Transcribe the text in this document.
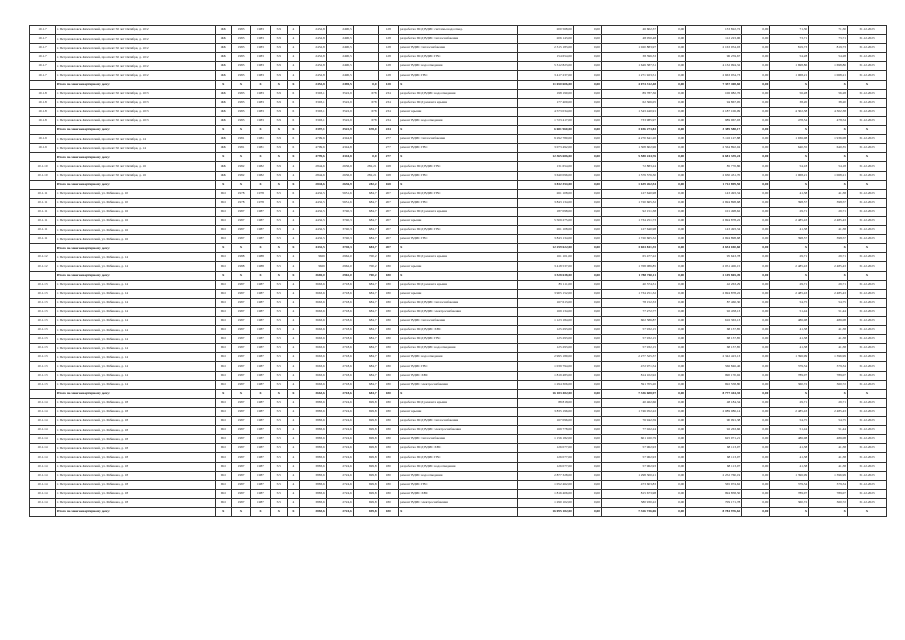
10.1.7	г. Петропавловск-Камчатский, проспект 50 лет Октября, д. 10/2	ЖБ	1983	1983	5/9	4	2452,8	2490,5		128	разработка ПСД ВДИС системы водоотвед.	200 568,00	0,00	46 602,37	0,00	133 822,72	0,00	71,30	71,30	31.12.2023
10.1.7	г. Петропавловск-Камчатский, проспект 50 лет Октября, д. 10/2	ЖБ	1983	1983	5/9	4	2452,8	2490,5		128	разработка ПСД ВДИС теплоснабжения	206 143,00	0,00	48 050,48	0,00	112 223,96	0,00	73,71	73,71	31.12.2023
10.1.7	г. Петропавловск-Камчатский, проспект 50 лет Октября, д. 10/2	ЖБ	1983	1983	5/9	4	2452,8	2490,5		128	ремонт ВДИС теплоснабжения	2 315 183,00	0,00	1 020 883,97	0,00	2 163 054,03	0,00	819,73	819,73	31.12.2023
10.1.7	г. Петропавловск-Камчатский, проспект 50 лет Октября, д. 10/2	ЖБ	1983	1983	5/9	4	2452,8	2490,5		128	разработка ПСД ВДИС ГВС	154 654,00	0,00	38 396,33	0,00	96 259,67	0,00	54,28	54,28	31.12.2023
10.1.7	г. Петропавловск-Камчатский, проспект 50 лет Октября, д. 10/2	ЖБ	1983	1983	5/9	4	2452,8	2490,5		128	ремонт ВДИС водоотведения	5 312 823,00	0,00	1 649 387,51	0,00	4 132 994,32	0,00	1 698,86	1 698,86	31.12.2023
10.1.7	г. Петропавловск-Камчатский, проспект 50 лет Октября, д. 10/2	ЖБ	1983	1983	5/9	4	2452,8	2490,5		128	ремонт ВДИС ГВС	3 417 237,00	0,00	1 271 923,51	0,00	2 663 054,73	0,00	1 068,21	1 068,21	31.12.2023
	Итого по многоквартирному дому:	Х	Х	Х	Х	Х	2452,8	2490,5	0,0	128	Х	11 650 606,00	0,00	4 074 312,48	0,00	7 357 408,60	0,00	Х	Х	Х
10.1.8	г. Петропавловск-Камчатский, проспект 50 лет Октября, д. 10/3	ЖБ	1983	1983	5/9	6	3393,1	3522,9	678	234	разработка ПСД ВДИС водоотведения	198 190,00	0,00	89 787,36	0,00	106 982,76	0,00	56,28	56,28	31.12.2023
10.1.8	г. Петропавловск-Камчатский, проспект 50 лет Октября, д. 10/3	ЖБ	1983	1983	5/9	6	3393,1	3522,9	678	234	разработка ПСД ремонта крыши	177 409,00	0,00	62 366,05	0,00	94 867,95	0,00	38,20	38,20	31.12.2023
10.1.8	г. Петропавловск-Камчатский, проспект 50 лет Октября, д. 10/3	ЖБ	1983	1983	5/9	6	3393,1	3522,9	678	234	ремонт крыши	4 573 034,00	0,00	1 543 440,91	0,00	2 187 106,09	0,00	4 302,38	4 302,38	31.12.2023
10.1.8	г. Петропавловск-Камчатский, проспект 50 лет Октября, д. 10/3	ЖБ	1983	1983	5/9	6	3393,1	3522,9	678	234	ремонт ВДИС водоотведения	1 723 417,00	0,00	733 985,97	0,00	989 967,93	0,00	478,54	478,54	31.12.2023
	Итого по многоквартирному дому:	Х	Х	Х	Х	Х	3397,1	3522,9	678,0	234	Х	6 681 960,00	0,00	3 036 273,83	0,00	3 389 588,17	0,00	Х	Х	Х
10.1.9	г. Петропавловск-Камчатский, проспект 50 лет Октября, д. 14	ЖБ	1981	1981	5/9	6	4799,6	4344,8		277	ремонт ВДИС теплоснабжения	9 292 780,00	0,00	4 270 641,20	0,00	5 116 127,88	0,00	1 936,08	1 936,08	31.12.2023
10.1.9	г. Петропавловск-Камчатский, проспект 50 лет Октября, д. 14	ЖБ	1981	1981	5/9	6	4799,6	4344,8		277	ремонт ВДИС ГВС	3 073 492,00	0,00	1 308 602,96	0,00	2 564 892,04	0,00	640,35	640,35	31.12.2023
	Итого по многоквартирному дому:	Х	Х	Х	Х	Х	4799,6	4344,8	0,0	277	Х	12 365 686,00	0,00	5 588 244,76	0,00	6 681 339,24	0,00	Х	Х	Х
10.1.10	г. Петропавловск-Камчатский, проспект 50 лет Октября, д. 16	ЖБ	1982	1982	5/9	4	2844,6	2636,9	282,21	168	разработка ПСД ВДИС ГВС	131 654,00	0,00	72 883,24	0,00	85 770,86	0,00	54,18	54,18	31.12.2023
10.1.10	г. Петропавловск-Камчатский, проспект 50 лет Октября, д. 16	ЖБ	1982	1982	5/9	4	2844,6	2636,9	282,21	168	ремонт ВДИС ГВС	3 640 096,00	0,00	1 579 576,30	0,00	2 630 431,70	0,00	1 068,21	1 068,21	31.12.2023
	Итого по многоквартирному дому:	Х	Х	Х	Х	Х	2844,6	2636,9	282,2	168	Х	3 832 354,00	0,00	1 639 262,54	0,00	1 712 899,50	0,00	Х	Х	Х
10.1.11	г. Петропавловск-Камчатский, ул. Рябикова, д. 10	ПО	1978	1978	5/5	6	4432,5	5651,6	684,7	207	разработка ПСД ВДИС ГВС	261 108,00	0,00	127 640,98	0,00	143 493,34	0,00	41,38	41,38	31.12.2023
10.1.11	г. Петропавловск-Камчатский, ул. Рябикова, д. 10	ПО	1978	1978	5/5	6	4432,5	5651,6	684,7	207	ремонт ВДИС ГВС	3 843 134,00	0,00	1 720 665,32	0,00	2 694 898,68	0,00	398,57	398,57	31.12.2023
10.1.11	г. Петропавловск-Камчатский, ул. Рябикова, д. 16	ПО	1987	1987	5/5	4	4432,5	3740,3	684,7	207	разработка ПСД ремонта крыши	187 098,00	0,00	92 151,38	0,00	101 498,62	0,00	29,71	29,71	31.12.2023
10.1.11	г. Петропавловск-Камчатский, ул. Рябикова, д. 16	ПО	1987	1987	5/5	4	4432,5	3740,3	684,7	207	ремонт крыши	5 509 275,00	0,00	1 734 251,73	0,00	2 694 878,22	0,00	2 485,43	2 485,43	31.12.2023
10.1.11	г. Петропавловск-Камчатский, ул. Рябикова, д. 16	ПО	1987	1987	5/5	4	4432,5	3740,3	684,7	207	разработка ПСД ВДИС ГВС	261 108,00	0,00	127 640,98	0,00	143 493,34	0,00	41,38	41,38	31.12.2023
10.1.11	г. Петропавловск-Камчатский, ул. Рябикова, д. 16	ПО	1987	1987	5/5	4	4432,5	3740,3	684,7	207	ремонт ВДИС ГВС	3 843 134,00	0,00	1 720 665,32	0,00	2 694 898,68	0,00	398,57	398,57	31.12.2023
	Итого по многоквартирному дому:	Х	Х	Х	Х	Х	4432,5	3740,3	684,7	207	Х	12 259 622,00	0,00	3 604 841,35	0,00	4 654 040,60	0,00	Х	Х	Х
10.1.12	г. Петропавловск-Камчатский, ул. Рябикова, д. 14	ПО	1988	1988	5/5	4	3669	2962,0	700,2	180	разработка ПСД ремонта крыши	161 101,00	0,00	65 477,22	0,00	95 643,78	0,00	29,71	29,71	31.12.2023
10.1.12	г. Петропавловск-Камчатский, ул. Рябикова, д. 14	ПО	1988	1988	5/5	4	3669	2962,0	700,2	180	ремонт крыши	3 418 537,00	0,00	1 768 086,85	0,00	2 051 406,15	0,00	2 485,43	2 485,43	31.12.2023
	Итого по многоквартирному дому:	Х	Х	Х	Х	Х	3669,0	2962,0	700,2	180	Х	3 528 638,00	0,00	1 788 760,11	0,00	2 149 865,49	0,00	Х	Х	Х
10.1.13	г. Петропавловск-Камчатский, ул. Рябикова, д. 14	ПО	1987	1987	5/5	4	3663,6	2718,6	684,7	180	разработка ПСД ремонта крыши	85 111,00	0,00	40 374,31	0,00	42 263,29	0,00	29,71	29,71	31.12.2023
10.1.13	г. Петропавловск-Камчатский, ул. Рябикова, д. 14	ПО	1987	1987	5/5	4	3663,6	2718,6	684,7	180	ремонт крыши	3 905 152,00	0,00	1 734 251,32	0,00	2 694 878,22	0,00	2 485,43	2 485,43	31.12.2023
10.1.13	г. Петропавловск-Камчатский, ул. Рябикова, д. 14	ПО	1987	1987	5/5	4	3663,6	2718,6	684,7	180	разработка ПСД ВДИС теплоснабжения	167 613,00	0,00	78 152,33	0,00	87 460,30	0,00	54,75	54,75	31.12.2023
10.1.13	г. Петропавловск-Камчатский, ул. Рябикова, д. 14	ПО	1987	1987	5/5	4	3663,6	2718,6	684,7	180	разработка ПСД ВДИС электроснабжения	169 134,00	0,00	77 272,77	0,00	92 458,13	0,00	51,44	51,44	31.12.2023
10.1.13	г. Петропавловск-Камчатский, ул. Рябикова, д. 14	ПО	1987	1987	5/5	4	3663,6	2718,6	684,7	180	ремонт ВДИС теплоснабжения	1 123 184,00	0,00	602 586,87	0,00	616 363,13	0,00	486,08	486,08	31.12.2023
10.1.13	г. Петропавловск-Камчатский, ул. Рябикова, д. 14	ПО	1987	1987	5/5	4	3663,6	2718,6	684,7	180	разработка ПСД ВДИС ХВС	125 293,00	0,00	57 932,15	0,00	68 137,85	0,00	41,38	41,38	31.12.2023
10.1.13	г. Петропавловск-Камчатский, ул. Рябикова, д. 14	ПО	1987	1987	5/5	4	3663,6	2718,6	684,7	180	разработка ПСД ВДИС ГВС	125 293,00	0,00	57 932,15	0,00	68 137,85	0,00	41,38	41,38	31.12.2023
10.1.13	г. Петропавловск-Камчатский, ул. Рябикова, д. 14	ПО	1987	1987	5/5	4	3663,6	2718,6	684,7	180	разработка ПСД ВДИС водоотведения	125 293,00	0,00	57 932,15	0,00	68 137,85	0,00	41,38	41,38	31.12.2023
10.1.13	г. Петропавловск-Камчатский, ул. Рябикова, д. 14	ПО	1987	1987	5/5	4	3663,6	2718,6	684,7	180	ремонт ВДИС водоотведения	2 995 189,00	0,00	2 277 325,37	0,00	2 342 423,13	0,00	1 396,99	1 396,99	31.12.2023
10.1.13	г. Петропавловск-Камчатский, ул. Рябикова, д. 14	ПО	1987	1987	5/5	4	3663,6	2718,6	684,7	180	ремонт ВДИС ГВС	1 039 794,00	0,00	472 971,54	0,00	566 846,46	0,00	379,34	379,34	31.12.2023
10.1.13	г. Петропавловск-Камчатский, ул. Рябикова, д. 14	ПО	1987	1987	5/5	4	3663,6	2718,6	684,7	180	ремонт ВДИС ХВС	1 819 483,00	0,00	814 102,92	0,00	990 170,92	0,00	789,07	789,07	31.12.2023
10.1.13	г. Петропавловск-Камчатский, ул. Рябикова, д. 14	ПО	1987	1987	5/5	4	3663,6	2718,6	684,7	180	ремонт ВДИС электроснабжения	1 294 306,00	0,00	591 705,20	0,00	692 558,80	0,00	360,72	360,72	31.12.2023
	Итого по многоквартирному дому:	Х	Х	Х	Х	Х	3663,6	2718,6	684,7	180	Х	16 183 482,00	0,00	7 336 688,97	0,00	8 777 444,35	0,00	Х	Х	Х
10.1.14	г. Петропавловск-Камчатский, ул. Рябикова, д. 18	ПО	1987	1987	5/5	4	3883,6	2724,6	699,8	180	разработка ПСД ремонта крыши	88 818,00	0,00	40 462,66	0,00	48 184,34	0,00	29,71	29,71	31.12.2023
10.1.14	г. Петропавловск-Камчатский, ул. Рябикова, д. 18	ПО	1987	1987	5/5	4	3883,6	2724,6	699,8	180	ремонт крыши	3 835 196,00	0,00	1 746 052,22	0,00	2 089 086,14	0,00	2 485,43	2 485,43	31.12.2023
10.1.14	г. Петропавловск-Камчатский, ул. Рябикова, д. 18	ПО	1987	1987	5/5	4	3883,6	2724,6	699,8	180	разработка ПСД ВДИС теплоснабжения	167 096,00	0,00	76 942,59	0,00	90 091,38	0,00	54,75	54,75	31.12.2023
10.1.14	г. Петропавловск-Камчатский, ул. Рябикова, д. 18	ПО	1987	1987	5/5	4	3883,6	2724,6	699,8	180	разработка ПСД ВДИС электроснабжения	169 778,00	0,00	77 022,24	0,00	92 263,66	0,00	51,44	51,44	31.12.2023
10.1.14	г. Петропавловск-Камчатский, ул. Рябикова, д. 18	ПО	1987	1987	5/5	4	3883,6	2724,6	699,8	180	ремонт ВДИС теплоснабжения	1 156 182,00	0,00	601 160,79	0,00	625 071,21	0,00	486,08	486,08	31.12.2023
10.1.14	г. Петропавловск-Камчатский, ул. Рябикова, д. 18	ПО	1987	1987	5/5	4	3883,6	2724,6	699,8	180	разработка ПСД ВДИС ХВС	126 077,00	0,00	57 962,93	0,00	68 113,07	0,00	41,38	41,38	31.12.2023
10.1.14	г. Петропавловск-Камчатский, ул. Рябикова, д. 18	ПО	1987	1987	5/5	4	3883,6	2724,6	699,8	180	разработка ПСД ВДИС ГВС	126 077,00	0,00	57 962,93	0,00	68 113,07	0,00	41,38	41,38	31.12.2023
10.1.14	г. Петропавловск-Камчатский, ул. Рябикова, д. 18	ПО	1987	1987	5/5	4	3883,6	2724,6	699,8	180	разработка ПСД ВДИС водоотведения	126 077,00	0,00	57 962,93	0,00	68 113,07	0,00	41,38	41,38	31.12.2023
10.1.14	г. Петропавловск-Камчатский, ул. Рябикова, д. 18	ПО	1987	1987	5/5	4	3883,6	2724,6	699,8	180	ремонт ВДИС водоотведения	2 877 328,00	0,00	1 298 300,21	0,00	2 252 760,19	0,00	1 396,99	1 396,99	31.12.2023
10.1.14	г. Петропавловск-Камчатский, ул. Рябикова, д. 18	ПО	1987	1987	5/5	4	3883,6	2724,6	699,8	180	ремонт ВДИС ГВС	1 052 462,00	0,00	473 603,83	0,00	565 974,62	0,00	379,34	379,34	31.12.2023
10.1.14	г. Петропавловск-Камчатский, ул. Рябикова, д. 18	ПО	1987	1987	5/5	4	3883,6	2724,6	699,8	180	ремонт ВДИС ХВС	1 816 406,00	0,00	815 673,98	0,00	994 858,50	0,00	789,07	789,07	31.12.2023
10.1.14	г. Петропавловск-Камчатский, ул. Рябикова, д. 18	ПО	1987	1987	5/5	4	3883,6	2724,6	699,8	180	ремонт ВДИС электроснабжения	1 290 102,00	0,00	580 930,22	0,00	709 171,78	0,00	360,72	360,72	31.12.2023
	Итого по многоквартирному дому:	Х	Х	Х	Х	Х	3883,6	2724,6	699,8	180	Х	16 095 182,00	0,00	7 326 736,06	0,00	8 784 976,62	0,00	Х	Х	Х
